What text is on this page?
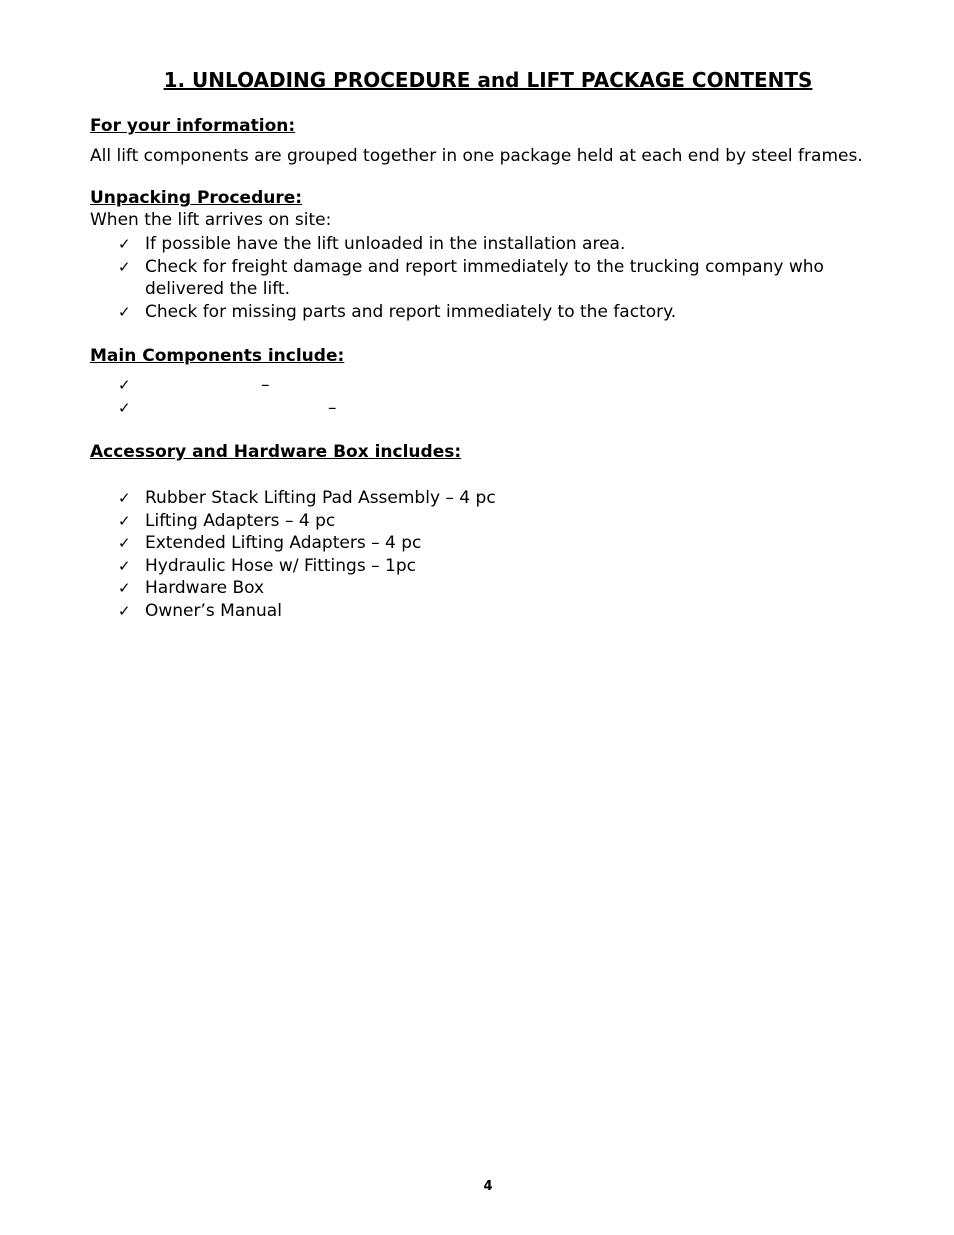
1. UNLOADING PROCEDURE and LIFT PACKAGE CONTENTS
For your information:

All lift components are grouped together in one package held at each end by steel frames.

Unpacking Procedure:

When the lift arrives on site:

✓ If possible have the lift unloaded in the installation area.
✓ Check for freight damage and report immediately to the trucking company who delivered the lift.
✓ Check for missing parts and report immediately to the factory.
Main Components include:
✓	–
✓	–
Accessory and Hardware Box includes:
✓ Rubber Stack Lifting Pad Assembly – 4 pc
✓ Lifting Adapters – 4 pc
✓ Extended Lifting Adapters – 4 pc
✓ Hydraulic Hose w/ Fittings – 1pc
✓ Hardware Box
✓ Owner’s Manual

4
